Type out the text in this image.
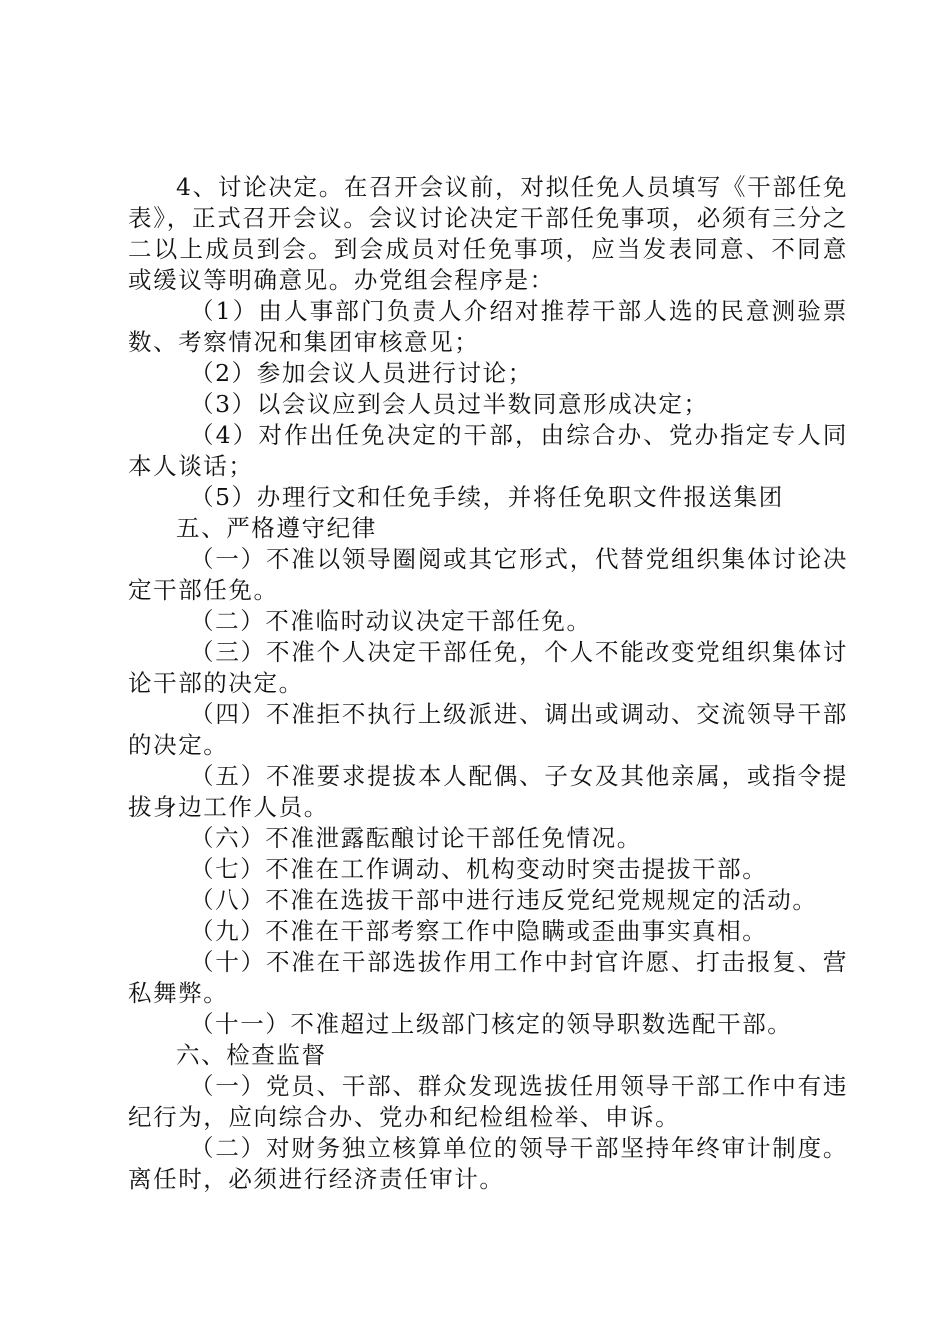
4、讨论决定。在召开会议前，对拟任免人员填写《干部任免表》，正式召开会议。会议讨论决定干部任免事项，必须有三分之二以上成员到会。到会成员对任免事项，应当发表同意、不同意或缓议等明确意见。办党组会程序是：

（1）由人事部门负责人介绍对推荐干部人选的民意测验票数、考察情况和集团审核意见；

（2）参加会议人员进行讨论；

（3）以会议应到会人员过半数同意形成决定；

（4）对作出任免决定的干部，由综合办、党办指定专人同本人谈话；

（5）办理行文和任免手续，并将任免职文件报送集团

五、严格遵守纪律

（一）不准以领导圈阅或其它形式，代替党组织集体讨论决定干部任免。

（二）不准临时动议决定干部任免。

（三）不准个人决定干部任免，个人不能改变党组织集体讨论干部的决定。

（四）不准拒不执行上级派进、调出或调动、交流领导干部的决定。

（五）不准要求提拔本人配偶、子女及其他亲属，或指令提拔身边工作人员。

（六）不准泄露酝酿讨论干部任免情况。

（七）不准在工作调动、机构变动时突击提拔干部。

（八）不准在选拔干部中进行违反党纪党规规定的活动。

（九）不准在干部考察工作中隐瞒或歪曲事实真相。

（十）不准在干部选拔作用工作中封官许愿、打击报复、营私舞弊。

（十一）不准超过上级部门核定的领导职数选配干部。

六、检查监督

（一）党员、干部、群众发现选拔任用领导干部工作中有违纪行为，应向综合办、党办和纪检组检举、申诉。

（二）对财务独立核算单位的领导干部坚持年终审计制度。离任时，必须进行经济责任审计。
